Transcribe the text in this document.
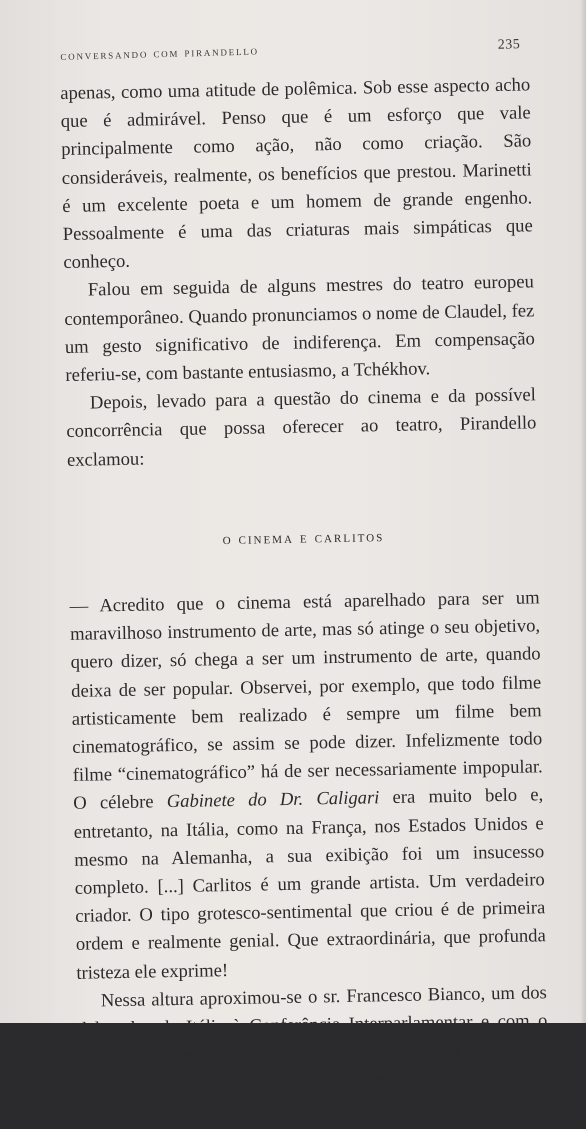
conversando com pirandello	235

apenas, como uma atitude de polêmica. Sob esse aspecto acho que é admirável. Penso que é um esforço que vale principalmente como ação, não como criação. São consideráveis, realmente, os benefícios que prestou. Marinetti é um excelente poeta e um homem de grande engenho. Pessoalmente é uma das criaturas mais simpáticas que conheço.

Falou em seguida de alguns mestres do teatro europeu contemporâneo. Quando pronunciamos o nome de Claudel, fez um gesto significativo de indiferença. Em compensação referiu-se, com bastante entusiasmo, a Tchékhov.

Depois, levado para a questão do cinema e da possível concorrência que possa oferecer ao teatro, Pirandello exclamou:

o cinema e carlitos

— Acredito que o cinema está aparelhado para ser um maravilhoso instrumento de arte, mas só atinge o seu objetivo, quero dizer, só chega a ser um instrumento de arte, quando deixa de ser popular. Observei, por exemplo, que todo filme artisticamente bem realizado é sempre um filme bem cinematográfico, se assim se pode dizer. Infelizmente todo filme “cinematográfico” há de ser necessariamente impopular. O célebre Gabinete do Dr. Caligari era muito belo e, entretanto, na Itália, como na França, nos Estados Unidos e mesmo na Alemanha, a sua exibição foi um insucesso completo. [...] Carlitos é um grande artista. Um verdadeiro criador. O tipo grotesco-sentimental que criou é de primeira ordem e realmente genial. Que extraordinária, que profunda tristeza ele exprime!

Nessa altura aproximou-se o sr. Francesco Bianco, um dos delegados da Itália à Conferência Interparlamentar e com o qual já havíamos travado conhecimento em outra ocasião. O sr. Bianco, que já tem publicado um livro sobre o Brasil e que sempre manifesta grande entusiasmo pelo
